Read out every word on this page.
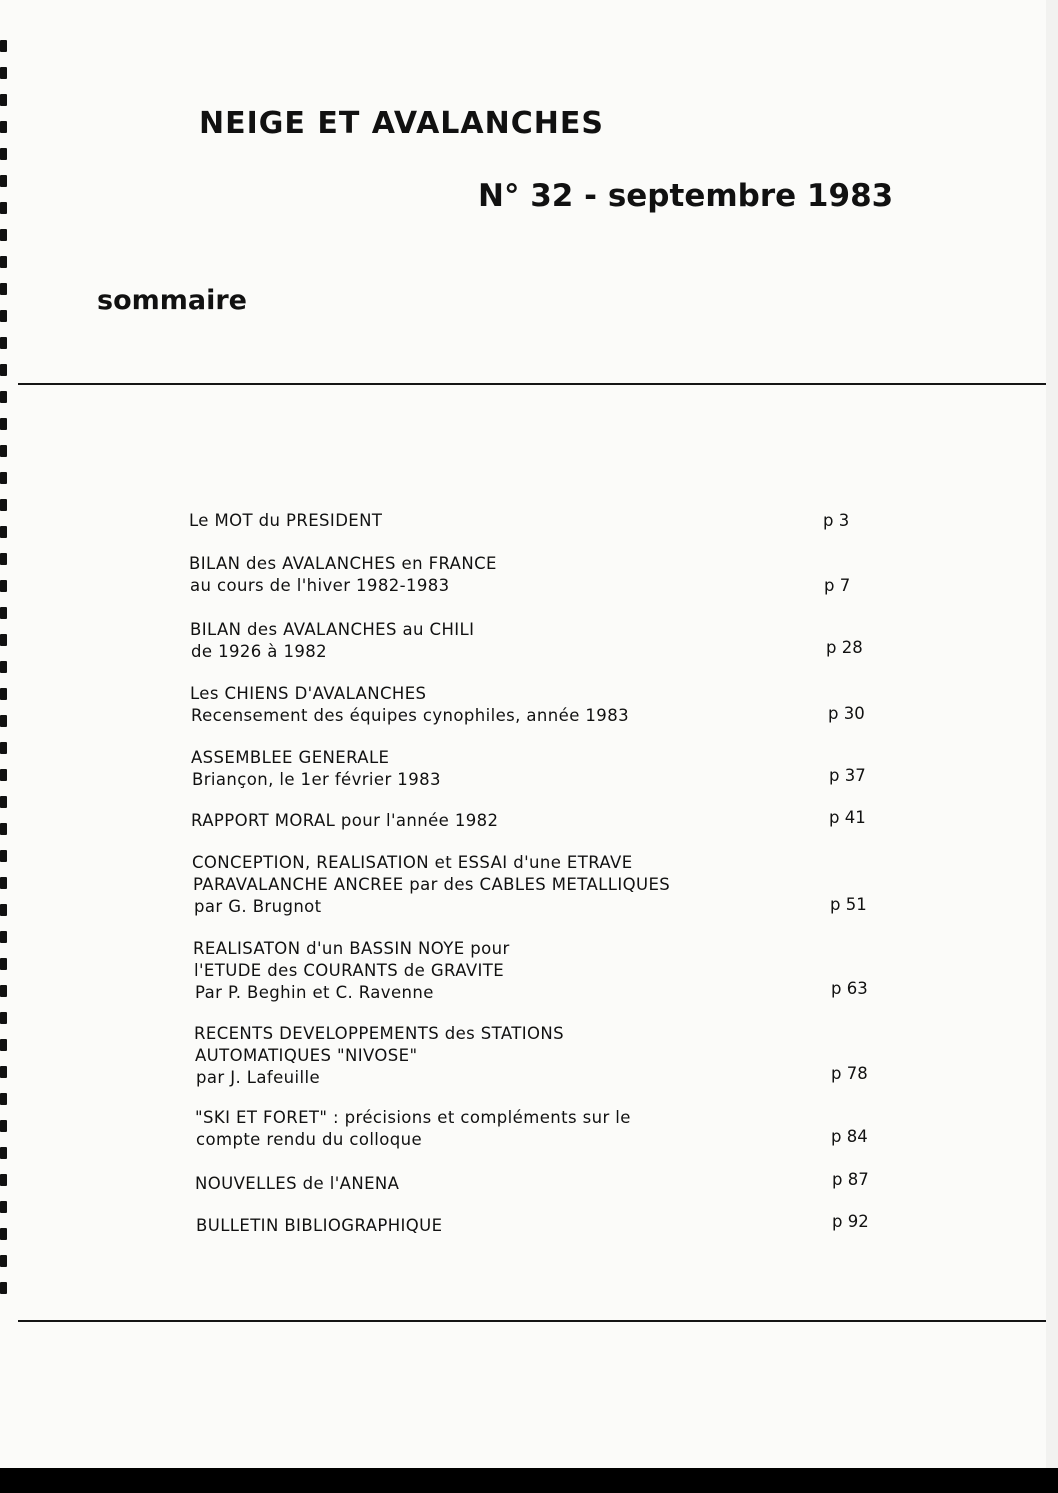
NEIGE ET AVALANCHES
N° 32 - septembre 1983
sommaire
Le MOT du PRESIDENT	p 3
BILAN des AVALANCHES en FRANCE
au cours de l'hiver 1982-1983	p 7
BILAN des AVALANCHES au CHILI
de 1926 à 1982	p 28
Les CHIENS D'AVALANCHES
Recensement des équipes cynophiles, année 1983	p 30
ASSEMBLEE GENERALE
Briançon, le 1er février 1983	p 37
RAPPORT MORAL pour l'année 1982	p 41
CONCEPTION, REALISATION et ESSAI d'une ETRAVE
PARAVALANCHE ANCREE par des CABLES METALLIQUES
par G. Brugnot	p 51
REALISATON d'un BASSIN NOYE pour
l'ETUDE des COURANTS de GRAVITE
Par P. Beghin et C. Ravenne	p 63
RECENTS DEVELOPPEMENTS des STATIONS
AUTOMATIQUES "NIVOSE"
par J. Lafeuille	p 78
"SKI ET FORET" : précisions et compléments sur le
compte rendu du colloque	p 84
NOUVELLES de l'ANENA	p 87
BULLETIN BIBLIOGRAPHIQUE	p 92
